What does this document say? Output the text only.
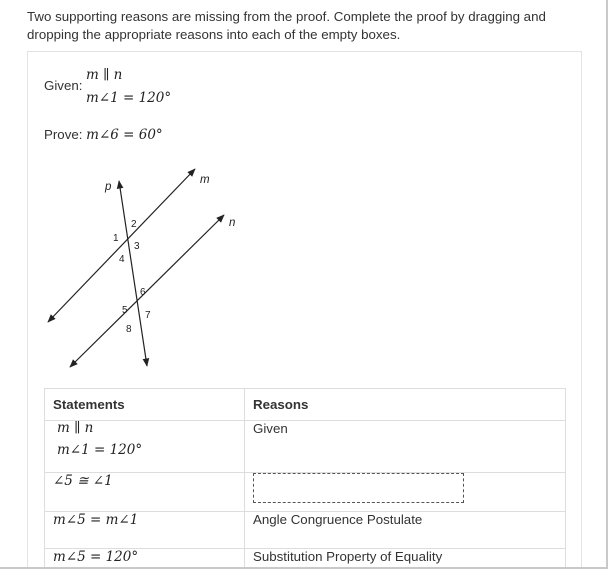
Two supporting reasons are missing from the proof. Complete the proof by dragging and dropping the appropriate reasons into each of the empty boxes.
Given:
m ∥ n
m∠1 = 120°
Prove: m∠6 = 60°
p
m
n
2
1
3
4
6
5 7
8
Statements	Reasons

m ∥ n
m∠1 = 120°	Given
∠5 ≅ ∠1	

m∠5 = m∠1	Angle Congruence Postulate
m∠5 = 120°	Substitution Property of Equality
